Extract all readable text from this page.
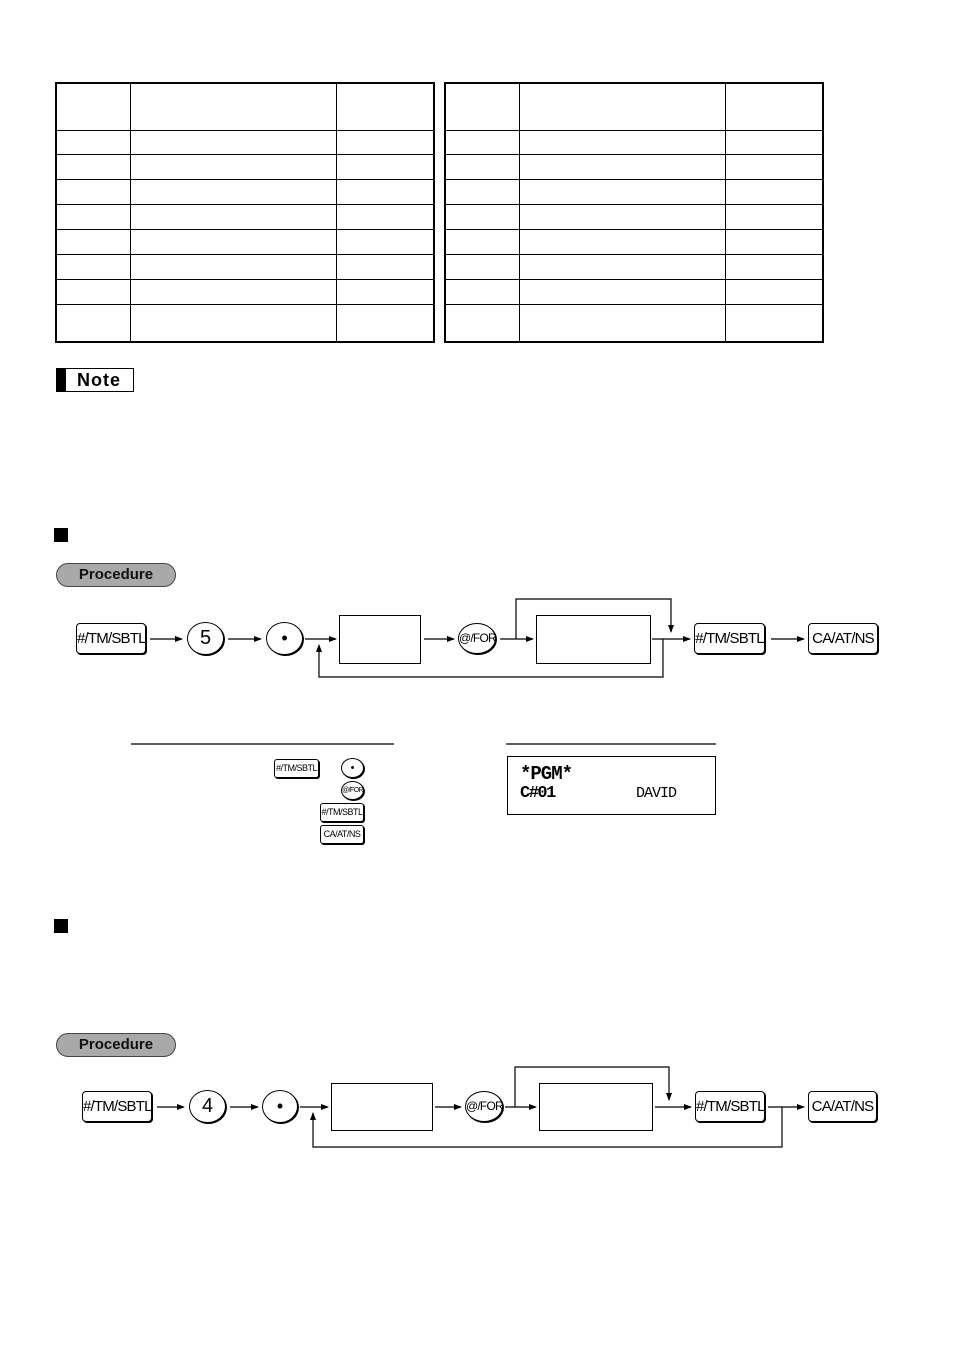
Note
Procedure
Procedure
#/TM/SBTL	5	•	@/FOR	#/TM/SBTL	CA/AT/NS
#/TM/SBTL	•
@/FOR
#/TM/SBTL
CA/AT/NS
*PGM*
C#01	DAVID
#/TM/SBTL	4	•	@/FOR	#/TM/SBTL	CA/AT/NS
